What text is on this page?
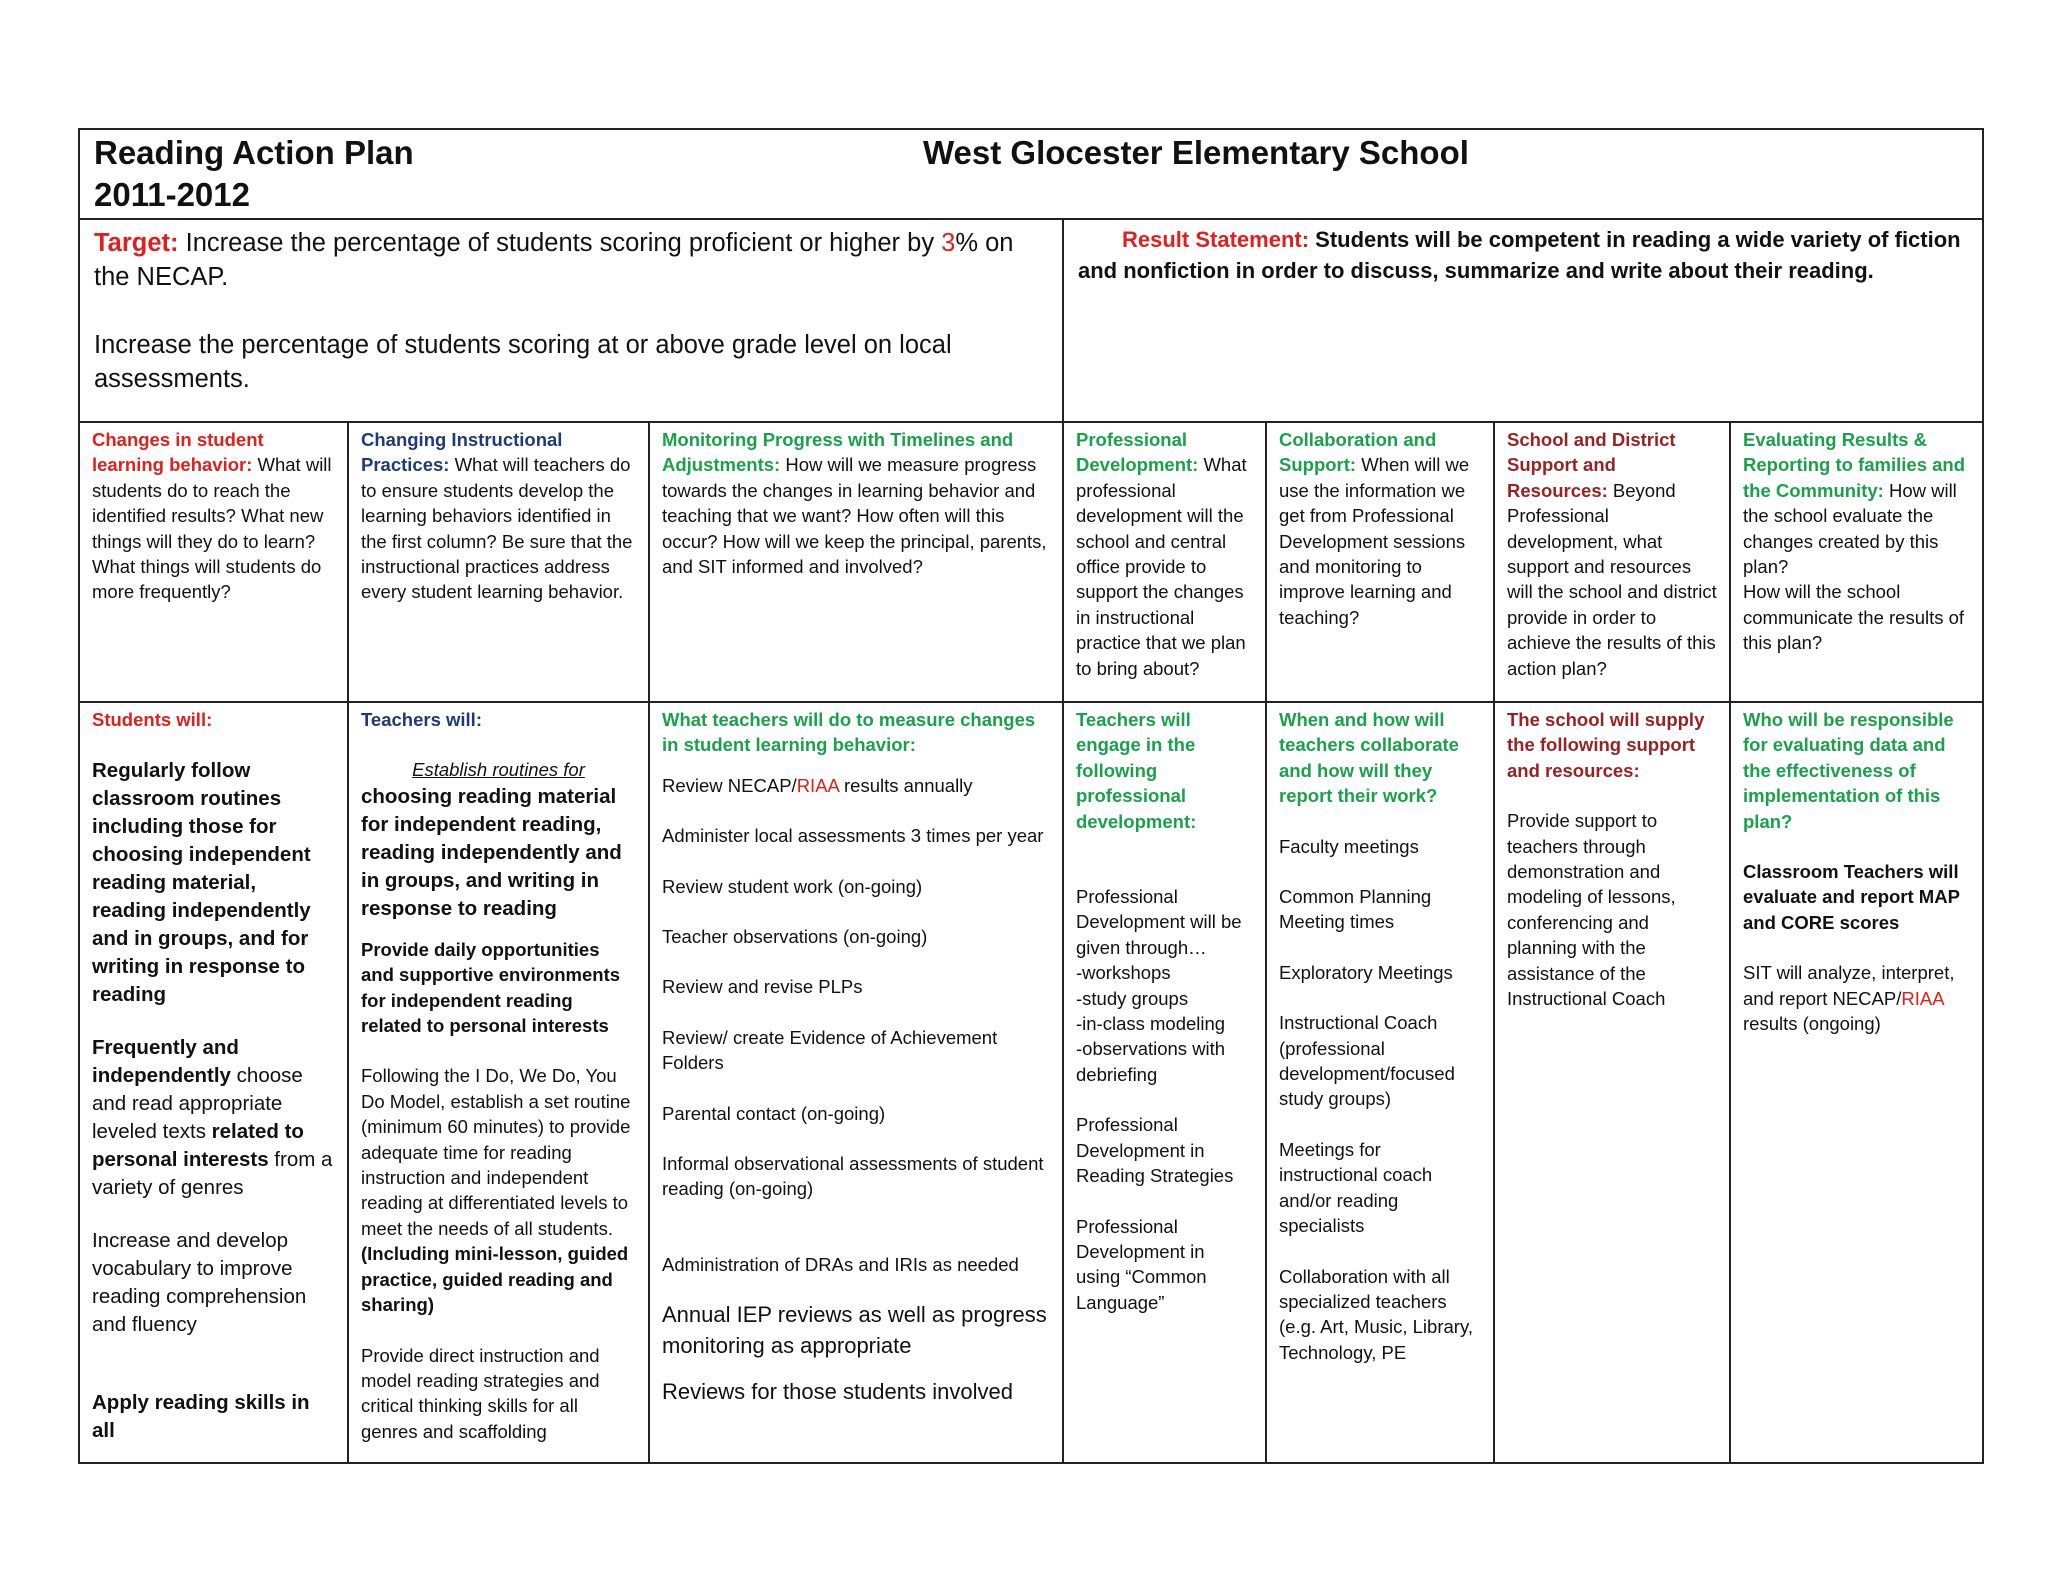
Reading Action Plan
2011-2012
West Glocester Elementary School
Target: Increase the percentage of students scoring proficient or higher by 3% on the NECAP.
Increase the percentage of students scoring at or above grade level on local assessments.
Result Statement: Students will be competent in reading a wide variety of fiction and nonfiction in order to discuss, summarize and write about their reading.
Changes in student learning behavior: What will students do to reach the identified results? What new things will they do to learn? What things will students do more frequently?
Students will:
Regularly follow classroom routines including those for choosing independent reading material, reading independently and in groups, and for writing in response to reading
Frequently and independently choose and read appropriate leveled texts related to personal interests from a variety of genres
Increase and develop vocabulary to improve reading comprehension and fluency
Apply reading skills in all
Changing Instructional Practices: What will teachers do to ensure students develop the learning behaviors identified in the first column? Be sure that the instructional practices address every student learning behavior.
Teachers will:
Establish routines for
choosing reading material for independent reading, reading independently and in groups, and writing in response to reading
Provide daily opportunities and supportive environments for independent reading related to personal interests
Following the I Do, We Do, You Do Model, establish a set routine (minimum 60 minutes) to provide adequate time for reading instruction and independent reading at differentiated levels to meet the needs of all students.(Including mini-lesson, guided practice, guided reading and sharing)
Provide direct instruction and model reading strategies and critical thinking skills for all genres and scaffolding
Monitoring Progress with Timelines and Adjustments: How will we measure progress towards the changes in learning behavior and teaching that we want? How often will this occur? How will we keep the principal, parents, and SIT informed and involved?
What teachers will do to measure changes in student learning behavior:
Review NECAP/RIAA results annually
Administer local assessments 3 times per year
Review student work (on-going)
Teacher observations (on-going)
Review and revise PLPs
Review/ create Evidence of Achievement Folders
Parental contact (on-going)
Informal observational assessments of student reading (on-going)
Administration of DRAs and IRIs as needed
Annual IEP reviews as well as progress monitoring as appropriate
Reviews for those students involved
Professional Development: What professional development will the school and central office provide to support the changes in instructional practice that we plan to bring about?
Teachers will engage in the following professional development:
Professional Development will be given through…
-workshops
-study groups
-in-class modeling
-observations with debriefing
Professional Development in Reading Strategies
Professional Development in using “Common Language”
Collaboration and Support: When will we use the information we get from Professional Development sessions and monitoring to improve learning and teaching?
When and how will teachers collaborate and how will they report their work?
Faculty meetings
Common Planning Meeting times
Exploratory Meetings
Instructional Coach (professional development/focused study groups)
Meetings for instructional coach and/or reading specialists
Collaboration with all specialized teachers (e.g. Art, Music, Library, Technology, PE
School and District Support and Resources: Beyond Professional development, what support and resources will the school and district provide in order to achieve the results of this action plan?
The school will supply the following support and resources:
Provide support to teachers through demonstration and modeling of lessons, conferencing and planning with the assistance of the Instructional Coach
Evaluating Results & Reporting to families and the Community: How will the school evaluate the changes created by this plan?
How will the school communicate the results of this plan?
Who will be responsible for evaluating data and the effectiveness of implementation of this plan?
Classroom Teachers will evaluate and report MAP and CORE scores
SIT will analyze, interpret, and report NECAP/RIAA results (ongoing)
